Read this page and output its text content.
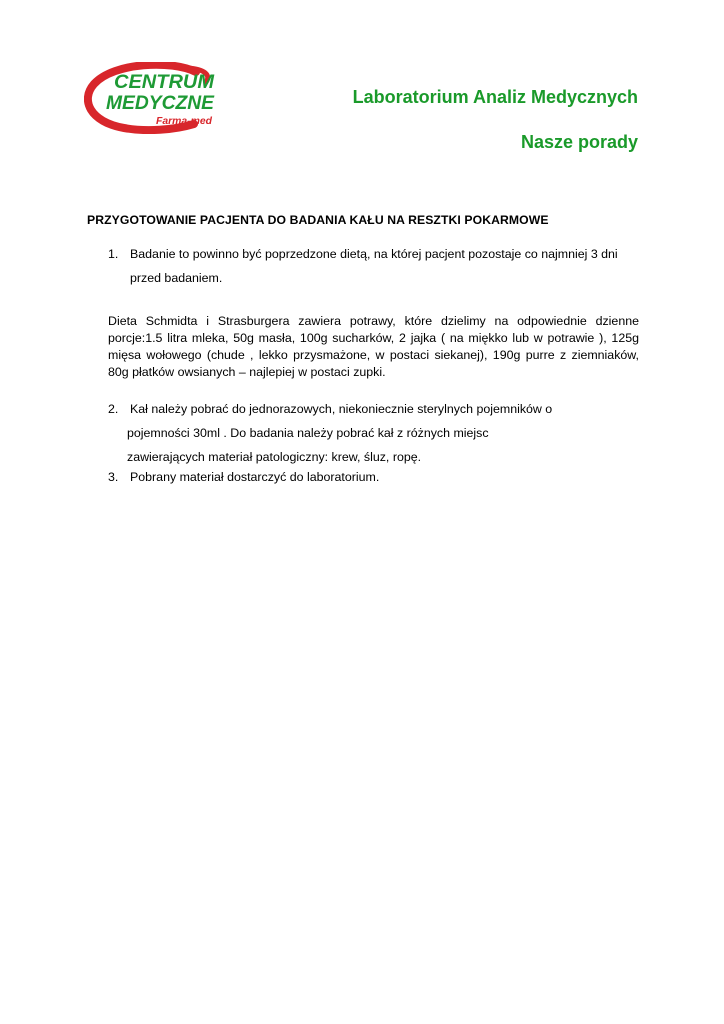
CENTRUM
MEDYCZNE
Farma-med
Laboratorium Analiz Medycznych
Nasze porady
PRZYGOTOWANIE PACJENTA DO BADANIA KAŁU NA RESZTKI POKARMOWE
1. Badanie to powinno być poprzedzone dietą, na której pacjent pozostaje co najmniej 3 dni przed badaniem.

Dieta Schmidta i Strasburgera zawiera potrawy, które dzielimy na odpowiednie dzienne porcje:1.5 litra mleka, 50g masła, 100g sucharków, 2 jajka ( na miękko lub w potrawie ), 125g mięsa wołowego (chude , lekko przysmażone, w postaci siekanej), 190g purre z ziemniaków, 80g płatków owsianych – najlepiej w postaci zupki.

2. Kał należy pobrać do jednorazowych, niekoniecznie sterylnych pojemników o
pojemności 30ml . Do badania należy pobrać kał z różnych miejsc
zawierających materiał patologiczny: krew, śluz, ropę.
3. Pobrany materiał dostarczyć do laboratorium.
